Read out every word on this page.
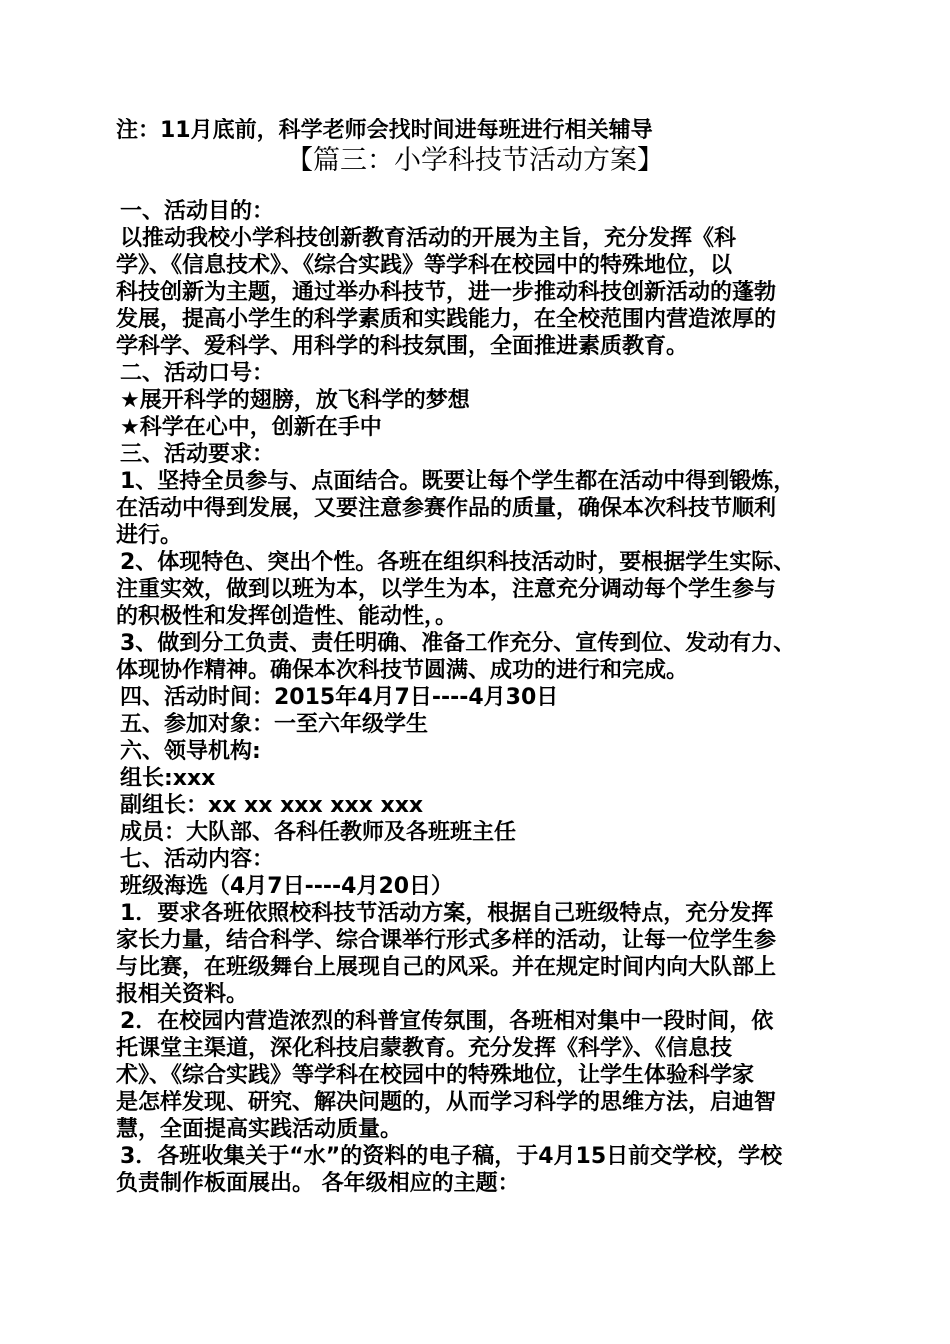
注：11月底前，科学老师会找时间进每班进行相关辅导
【篇三：小学科技节活动方案】
一、活动目的：
以推动我校小学科技创新教育活动的开展为主旨，充分发挥《科
学》、《信息技术》、《综合实践》等学科在校园中的特殊地位，以
科技创新为主题，通过举办科技节，进一步推动科技创新活动的蓬勃
发展，提高小学生的科学素质和实践能力，在全校范围内营造浓厚的
学科学、爱科学、用科学的科技氛围，全面推进素质教育。
二、活动口号：
★展开科学的翅膀，放飞科学的梦想
★科学在心中，创新在手中
三、活动要求：
1、坚持全员参与、点面结合。既要让每个学生都在活动中得到锻炼，
在活动中得到发展，又要注意参赛作品的质量，确保本次科技节顺利
进行。
2、体现特色、突出个性。各班在组织科技活动时，要根据学生实际、
注重实效，做到以班为本，以学生为本，注意充分调动每个学生参与
的积极性和发挥创造性、能动性，。
3、做到分工负责、责任明确、准备工作充分、宣传到位、发动有力、
体现协作精神。确保本次科技节圆满、成功的进行和完成。
四、活动时间：2015年4月7日----4月30日
五、参加对象：一至六年级学生
六、领导机构:
组长:xxx
副组长：xx xx xxx xxx xxx
成员：大队部、各科任教师及各班班主任
七、活动内容：
班级海选（4月7日----4月20日）
1．要求各班依照校科技节活动方案，根据自己班级特点，充分发挥
家长力量，结合科学、综合课举行形式多样的活动，让每一位学生参
与比赛，在班级舞台上展现自己的风采。并在规定时间内向大队部上
报相关资料。
2．在校园内营造浓烈的科普宣传氛围，各班相对集中一段时间，依
托课堂主渠道，深化科技启蒙教育。充分发挥《科学》、《信息技
术》、《综合实践》等学科在校园中的特殊地位，让学生体验科学家
是怎样发现、研究、解决问题的，从而学习科学的思维方法，启迪智
慧，全面提高实践活动质量。
3．各班收集关于“水”的资料的电子稿，于4月15日前交学校，学校
负责制作板面展出。 各年级相应的主题：
